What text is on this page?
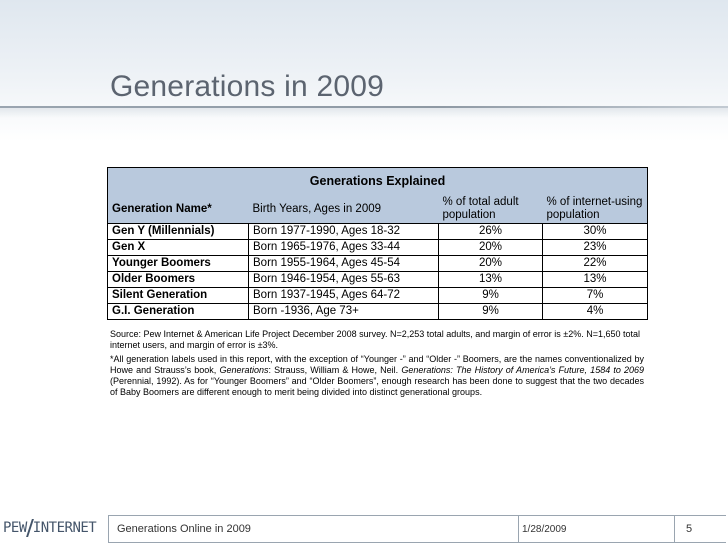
Generations in 2009
Generations Explained			
Generation Name*	Birth Years, Ages in 2009	% of total adult population	% of internet-using population
Gen Y (Millennials)	Born 1977-1990, Ages 18-32	26%	30%
Gen X	Born 1965-1976, Ages 33-44	20%	23%
Younger Boomers	Born 1955-1964, Ages 45-54	20%	22%
Older Boomers	Born 1946-1954, Ages 55-63	13%	13%
Silent Generation	Born 1937-1945, Ages 64-72	9%	7%
G.I. Generation	Born -1936, Age 73+	9%	4%

Source: Pew Internet & American Life Project December 2008 survey. N=2,253 total adults, and margin of error is ±2%. N=1,650 total internet users, and margin of error is ±3%.

*All generation labels used in this report, with the exception of “Younger -” and “Older -” Boomers, are the names conventionalized by Howe and Strauss’s book, Generations: Strauss, William & Howe, Neil. Generations: The History of America’s Future, 1584 to 2069 (Perennial, 1992). As for “Younger Boomers” and “Older Boomers”, enough research has been done to suggest that the two decades of Baby Boomers are different enough to merit being divided into distinct generational groups.

PEW INTERNET	Generations Online in 2009	1/28/2009	5
